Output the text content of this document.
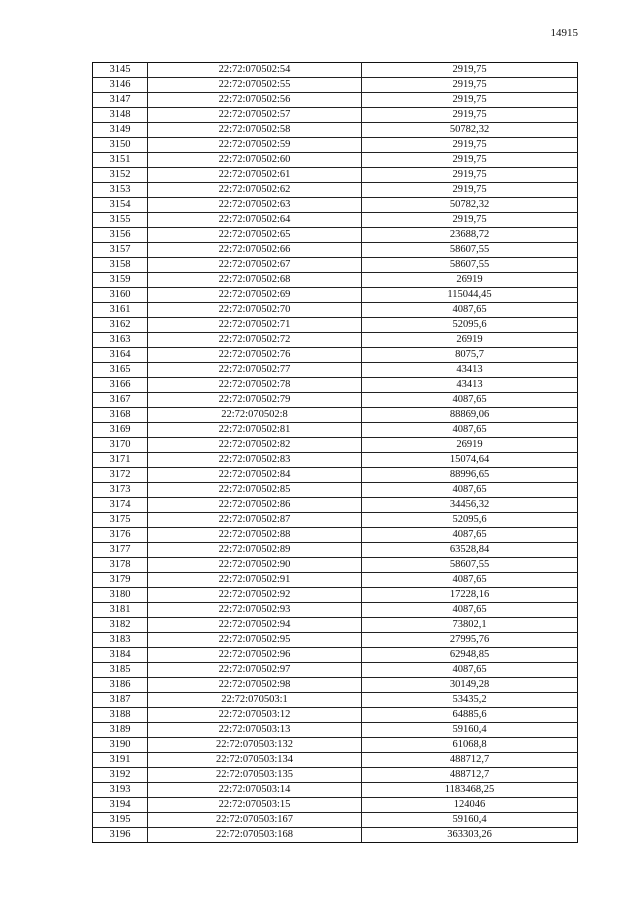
14915
3145	22:72:070502:54	2919,75
3146	22:72:070502:55	2919,75
3147	22:72:070502:56	2919,75
3148	22:72:070502:57	2919,75
3149	22:72:070502:58	50782,32
3150	22:72:070502:59	2919,75
3151	22:72:070502:60	2919,75
3152	22:72:070502:61	2919,75
3153	22:72:070502:62	2919,75
3154	22:72:070502:63	50782,32
3155	22:72:070502:64	2919,75
3156	22:72:070502:65	23688,72
3157	22:72:070502:66	58607,55
3158	22:72:070502:67	58607,55
3159	22:72:070502:68	26919
3160	22:72:070502:69	115044,45
3161	22:72:070502:70	4087,65
3162	22:72:070502:71	52095,6
3163	22:72:070502:72	26919
3164	22:72:070502:76	8075,7
3165	22:72:070502:77	43413
3166	22:72:070502:78	43413
3167	22:72:070502:79	4087,65
3168	22:72:070502:8	88869,06
3169	22:72:070502:81	4087,65
3170	22:72:070502:82	26919
3171	22:72:070502:83	15074,64
3172	22:72:070502:84	88996,65
3173	22:72:070502:85	4087,65
3174	22:72:070502:86	34456,32
3175	22:72:070502:87	52095,6
3176	22:72:070502:88	4087,65
3177	22:72:070502:89	63528,84
3178	22:72:070502:90	58607,55
3179	22:72:070502:91	4087,65
3180	22:72:070502:92	17228,16
3181	22:72:070502:93	4087,65
3182	22:72:070502:94	73802,1
3183	22:72:070502:95	27995,76
3184	22:72:070502:96	62948,85
3185	22:72:070502:97	4087,65
3186	22:72:070502:98	30149,28
3187	22:72:070503:1	53435,2
3188	22:72:070503:12	64885,6
3189	22:72:070503:13	59160,4
3190	22:72:070503:132	61068,8
3191	22:72:070503:134	488712,7
3192	22:72:070503:135	488712,7
3193	22:72:070503:14	1183468,25
3194	22:72:070503:15	124046
3195	22:72:070503:167	59160,4
3196	22:72:070503:168	363303,26
